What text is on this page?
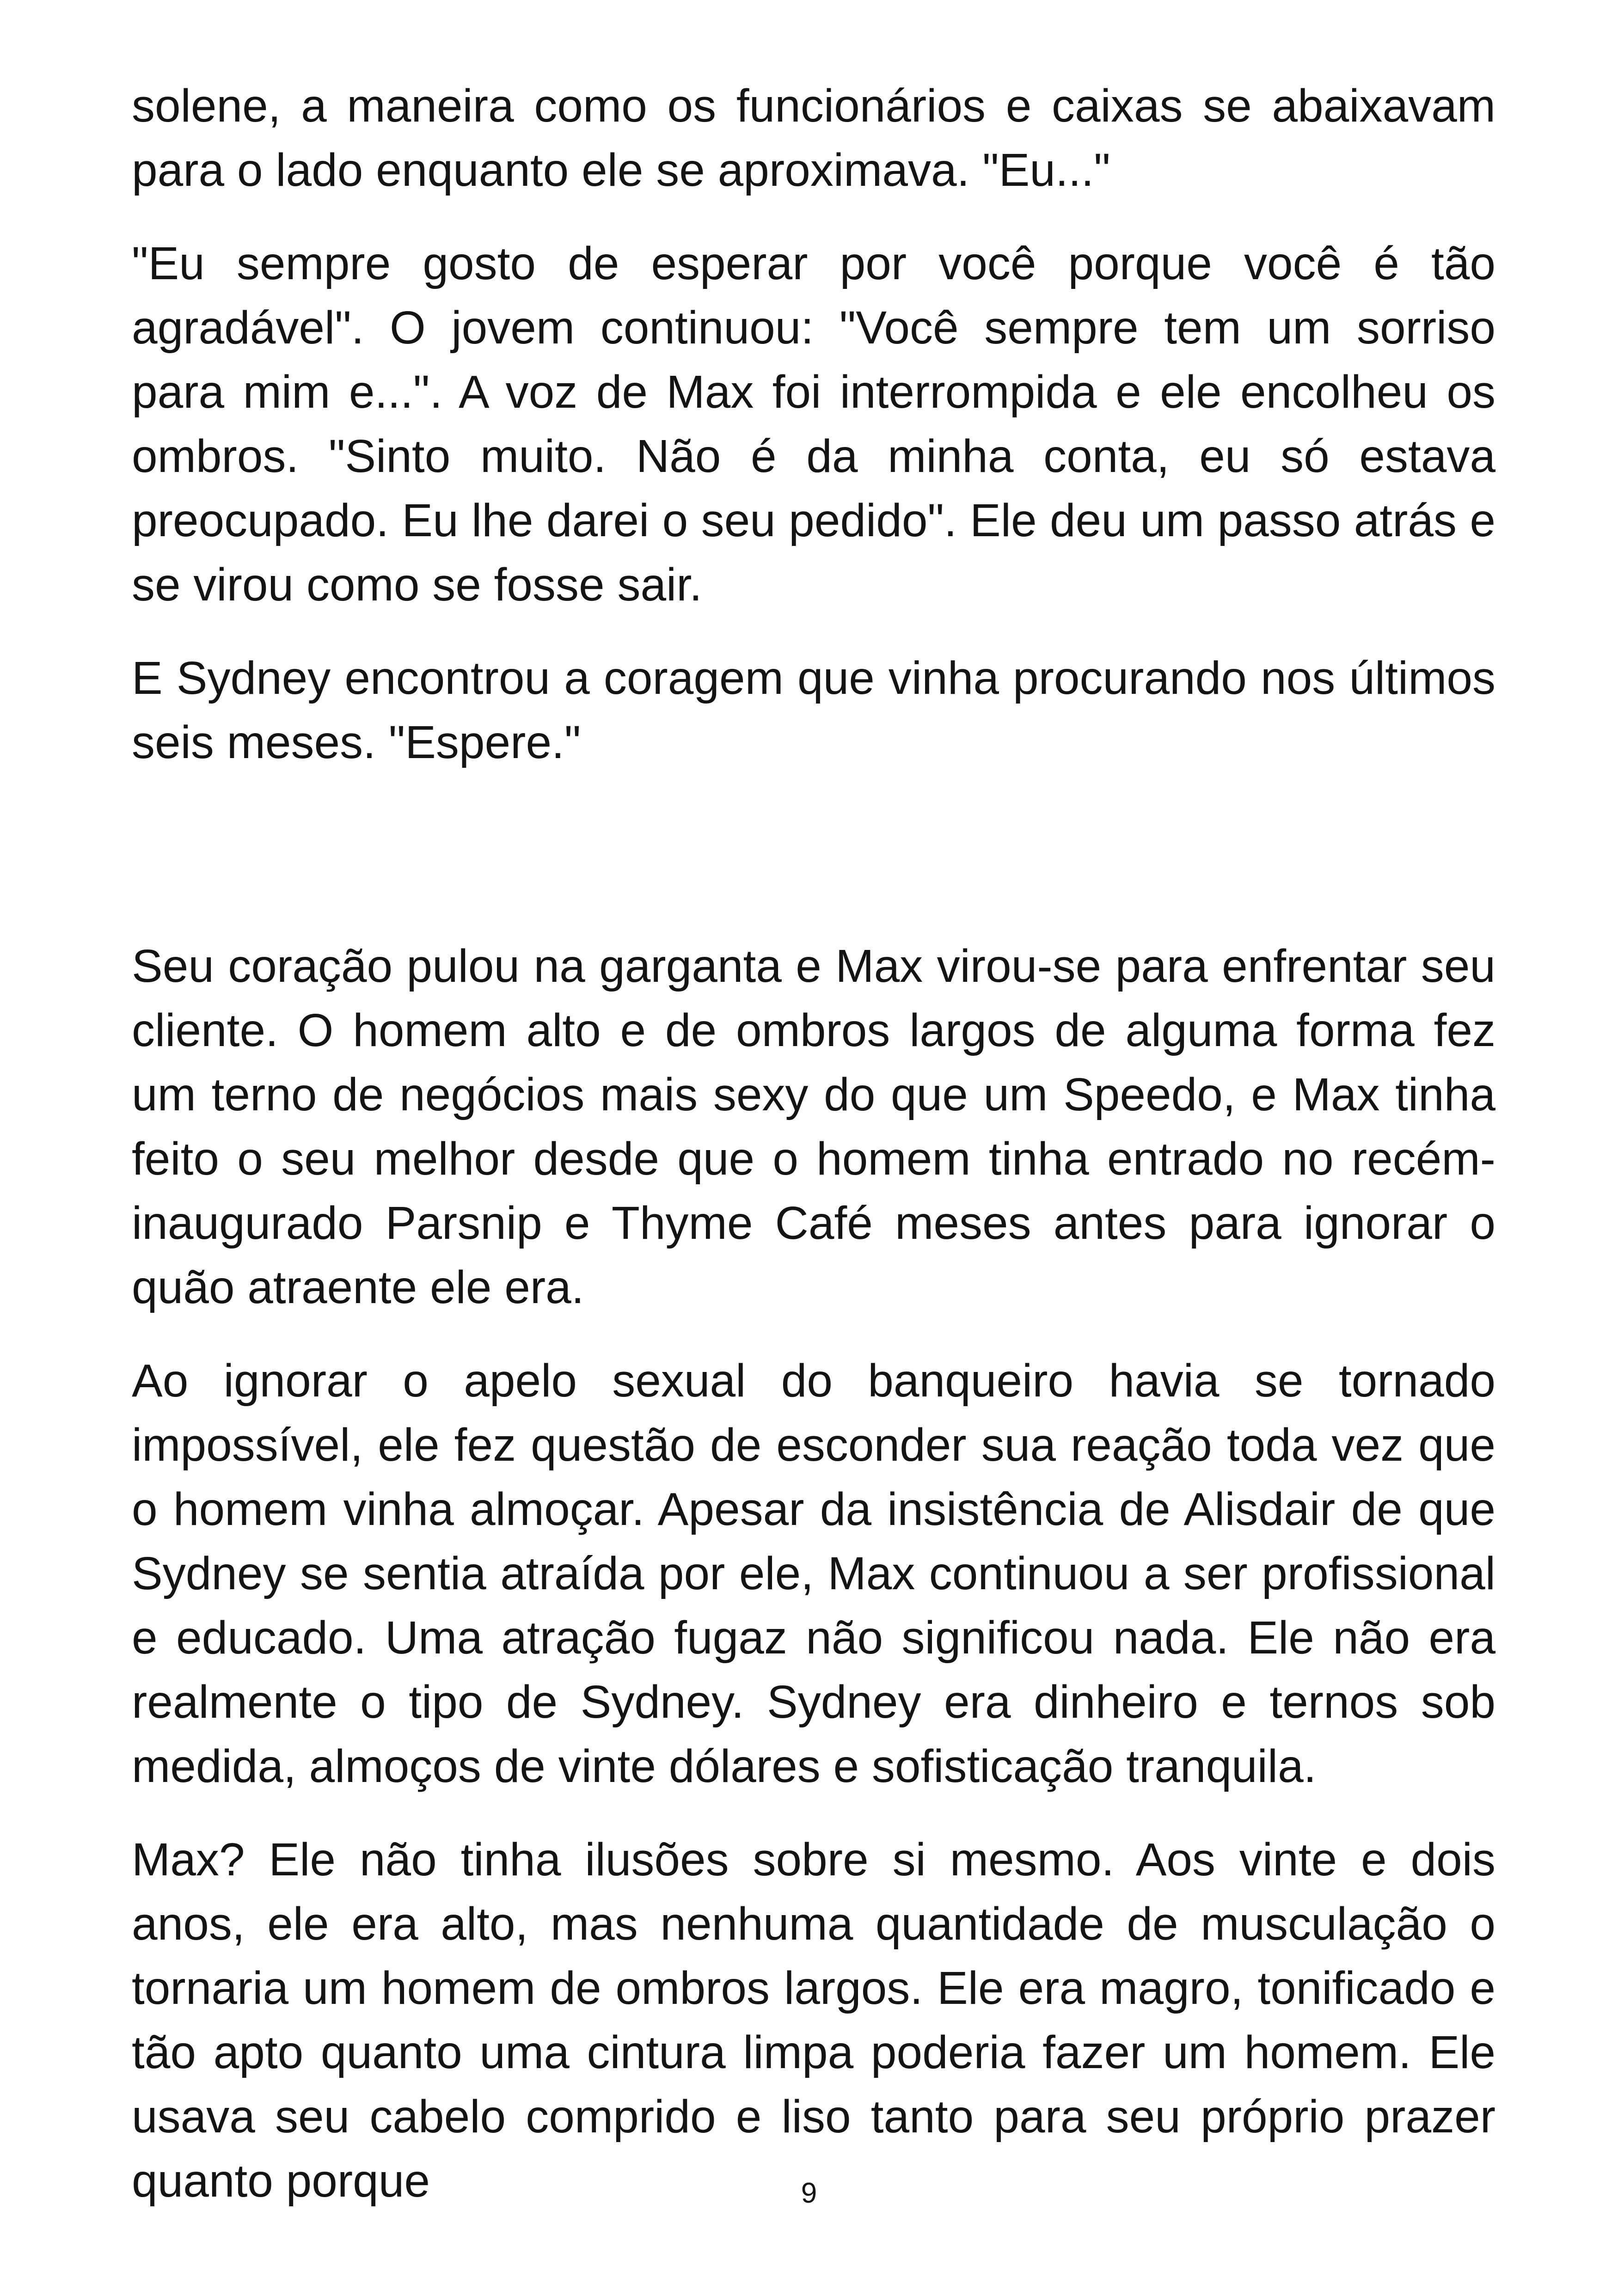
solene, a maneira como os funcionários e caixas se abaixavam para o lado enquanto ele se aproximava. "Eu..."

"Eu sempre gosto de esperar por você porque você é tão agradável". O jovem continuou: "Você sempre tem um sorriso para mim e...". A voz de Max foi interrompida e ele encolheu os ombros. "Sinto muito. Não é da minha conta, eu só estava preocupado. Eu lhe darei o seu pedido". Ele deu um passo atrás e se virou como se fosse sair.

E Sydney encontrou a coragem que vinha procurando nos últimos seis meses. "Espere."

Seu coração pulou na garganta e Max virou-se para enfrentar seu cliente. O homem alto e de ombros largos de alguma forma fez um terno de negócios mais sexy do que um Speedo, e Max tinha feito o seu melhor desde que o homem tinha entrado no recém-inaugurado Parsnip e Thyme Café meses antes para ignorar o quão atraente ele era.

Ao ignorar o apelo sexual do banqueiro havia se tornado impossível, ele fez questão de esconder sua reação toda vez que o homem vinha almoçar. Apesar da insistência de Alisdair de que Sydney se sentia atraída por ele, Max continuou a ser profissional e educado. Uma atração fugaz não significou nada. Ele não era realmente o tipo de Sydney. Sydney era dinheiro e ternos sob medida, almoços de vinte dólares e sofisticação tranquila.

Max? Ele não tinha ilusões sobre si mesmo. Aos vinte e dois anos, ele era alto, mas nenhuma quantidade de musculação o tornaria um homem de ombros largos. Ele era magro, tonificado e tão apto quanto uma cintura limpa poderia fazer um homem. Ele usava seu cabelo comprido e liso tanto para seu próprio prazer quanto porque	9
